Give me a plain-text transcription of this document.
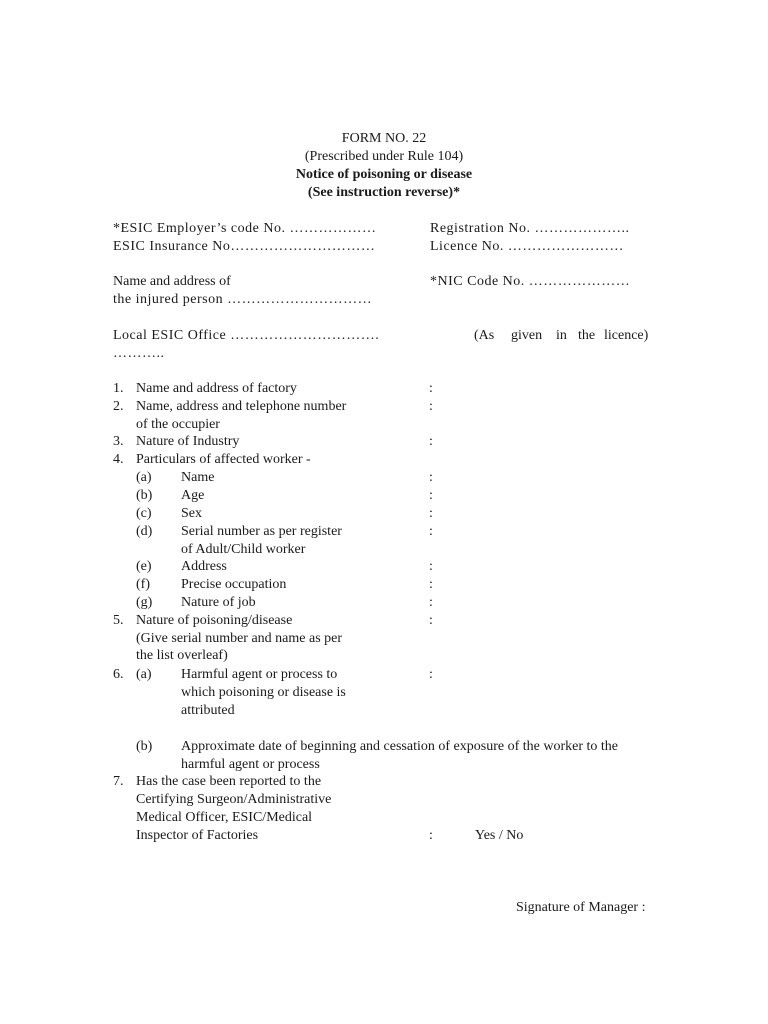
FORM NO. 22
(Prescribed under Rule 104)
Notice of poisoning or disease
(See instruction reverse)*
*ESIC Employer’s code No. ………………	Registration No. ………………..
ESIC Insurance No…………………………	Licence No. ……………………
Name and address of
the injured person …………………………
*NIC Code No. …………………
Local ESIC Office ………………………….	(As given in the licence)
………..
1. Name and address of factory	:
2. Name, address and telephone number
of the occupier
:
3. Nature of Industry	:
4. Particulars of affected worker -
(a) Name	:
(b) Age	:
(c) Sex	:
(d) Serial number as per register
of Adult/Child worker
:
(e) Address	:
(f) Precise occupation	:
(g) Nature of job	:
5. Nature of poisoning/disease
(Give serial number and name as per
the list overleaf)
:
6. (a) Harmful agent or process to
which poisoning or disease is
attributed
:
(b) Approximate date of beginning and cessation of exposure of the worker to the
harmful agent or process
7. Has the case been reported to the
Certifying Surgeon/Administrative
Medical Officer, ESIC/Medical
Inspector of Factories	:	Yes / No
Signature of Manager :
